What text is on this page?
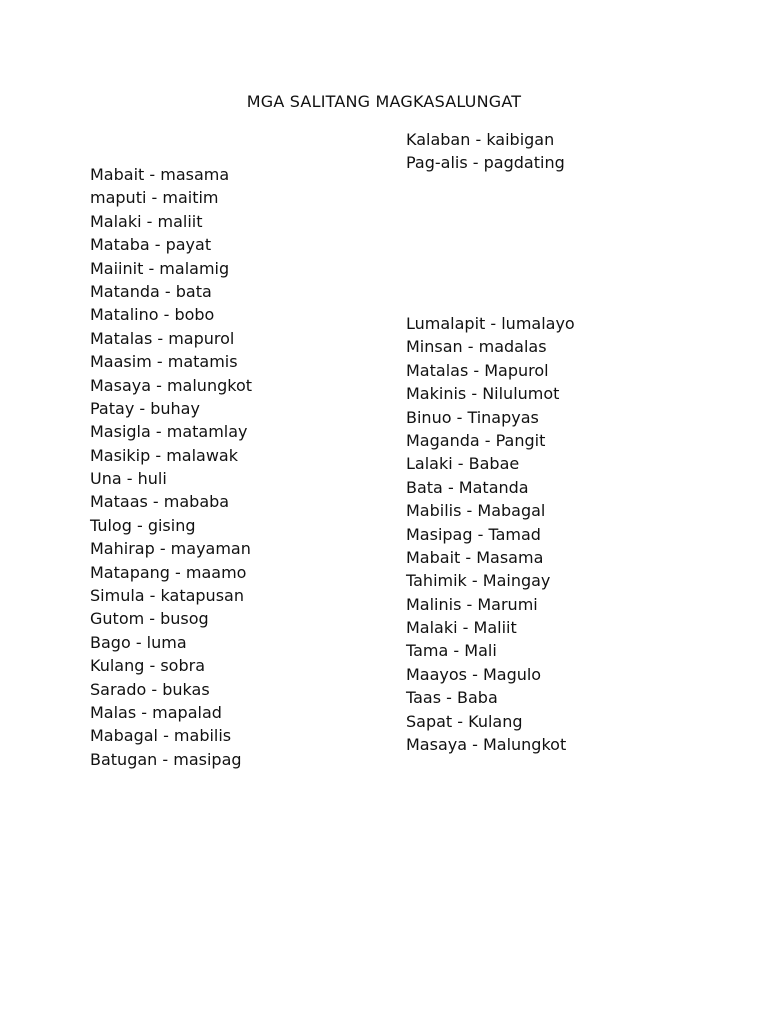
MGA SALITANG MAGKASALUNGAT
Mabait - masama
maputi - maitim
Malaki - maliit
Mataba - payat
Maiinit - malamig
Matanda - bata
Matalino - bobo
Matalas - mapurol
Maasim - matamis
Masaya - malungkot
Patay - buhay
Masigla - matamlay
Masikip - malawak
Una - huli
Mataas - mababa
Tulog - gising
Mahirap - mayaman
Matapang - maamo
Simula - katapusan
Gutom - busog
Bago - luma
Kulang - sobra
Sarado - bukas
Malas - mapalad
Mabagal - mabilis
Batugan - masipag
Kalaban - kaibigan
Pag-alis - pagdating
Lumalapit - lumalayo
Minsan - madalas
Matalas - Mapurol
Makinis - Nilulumot
Binuo - Tinapyas
Maganda - Pangit
Lalaki - Babae
Bata - Matanda
Mabilis - Mabagal
Masipag - Tamad
Mabait - Masama
Tahimik - Maingay
Malinis - Marumi
Malaki - Maliit
Tama - Mali
Maayos - Magulo
Taas - Baba
Sapat - Kulang
Masaya - Malungkot
